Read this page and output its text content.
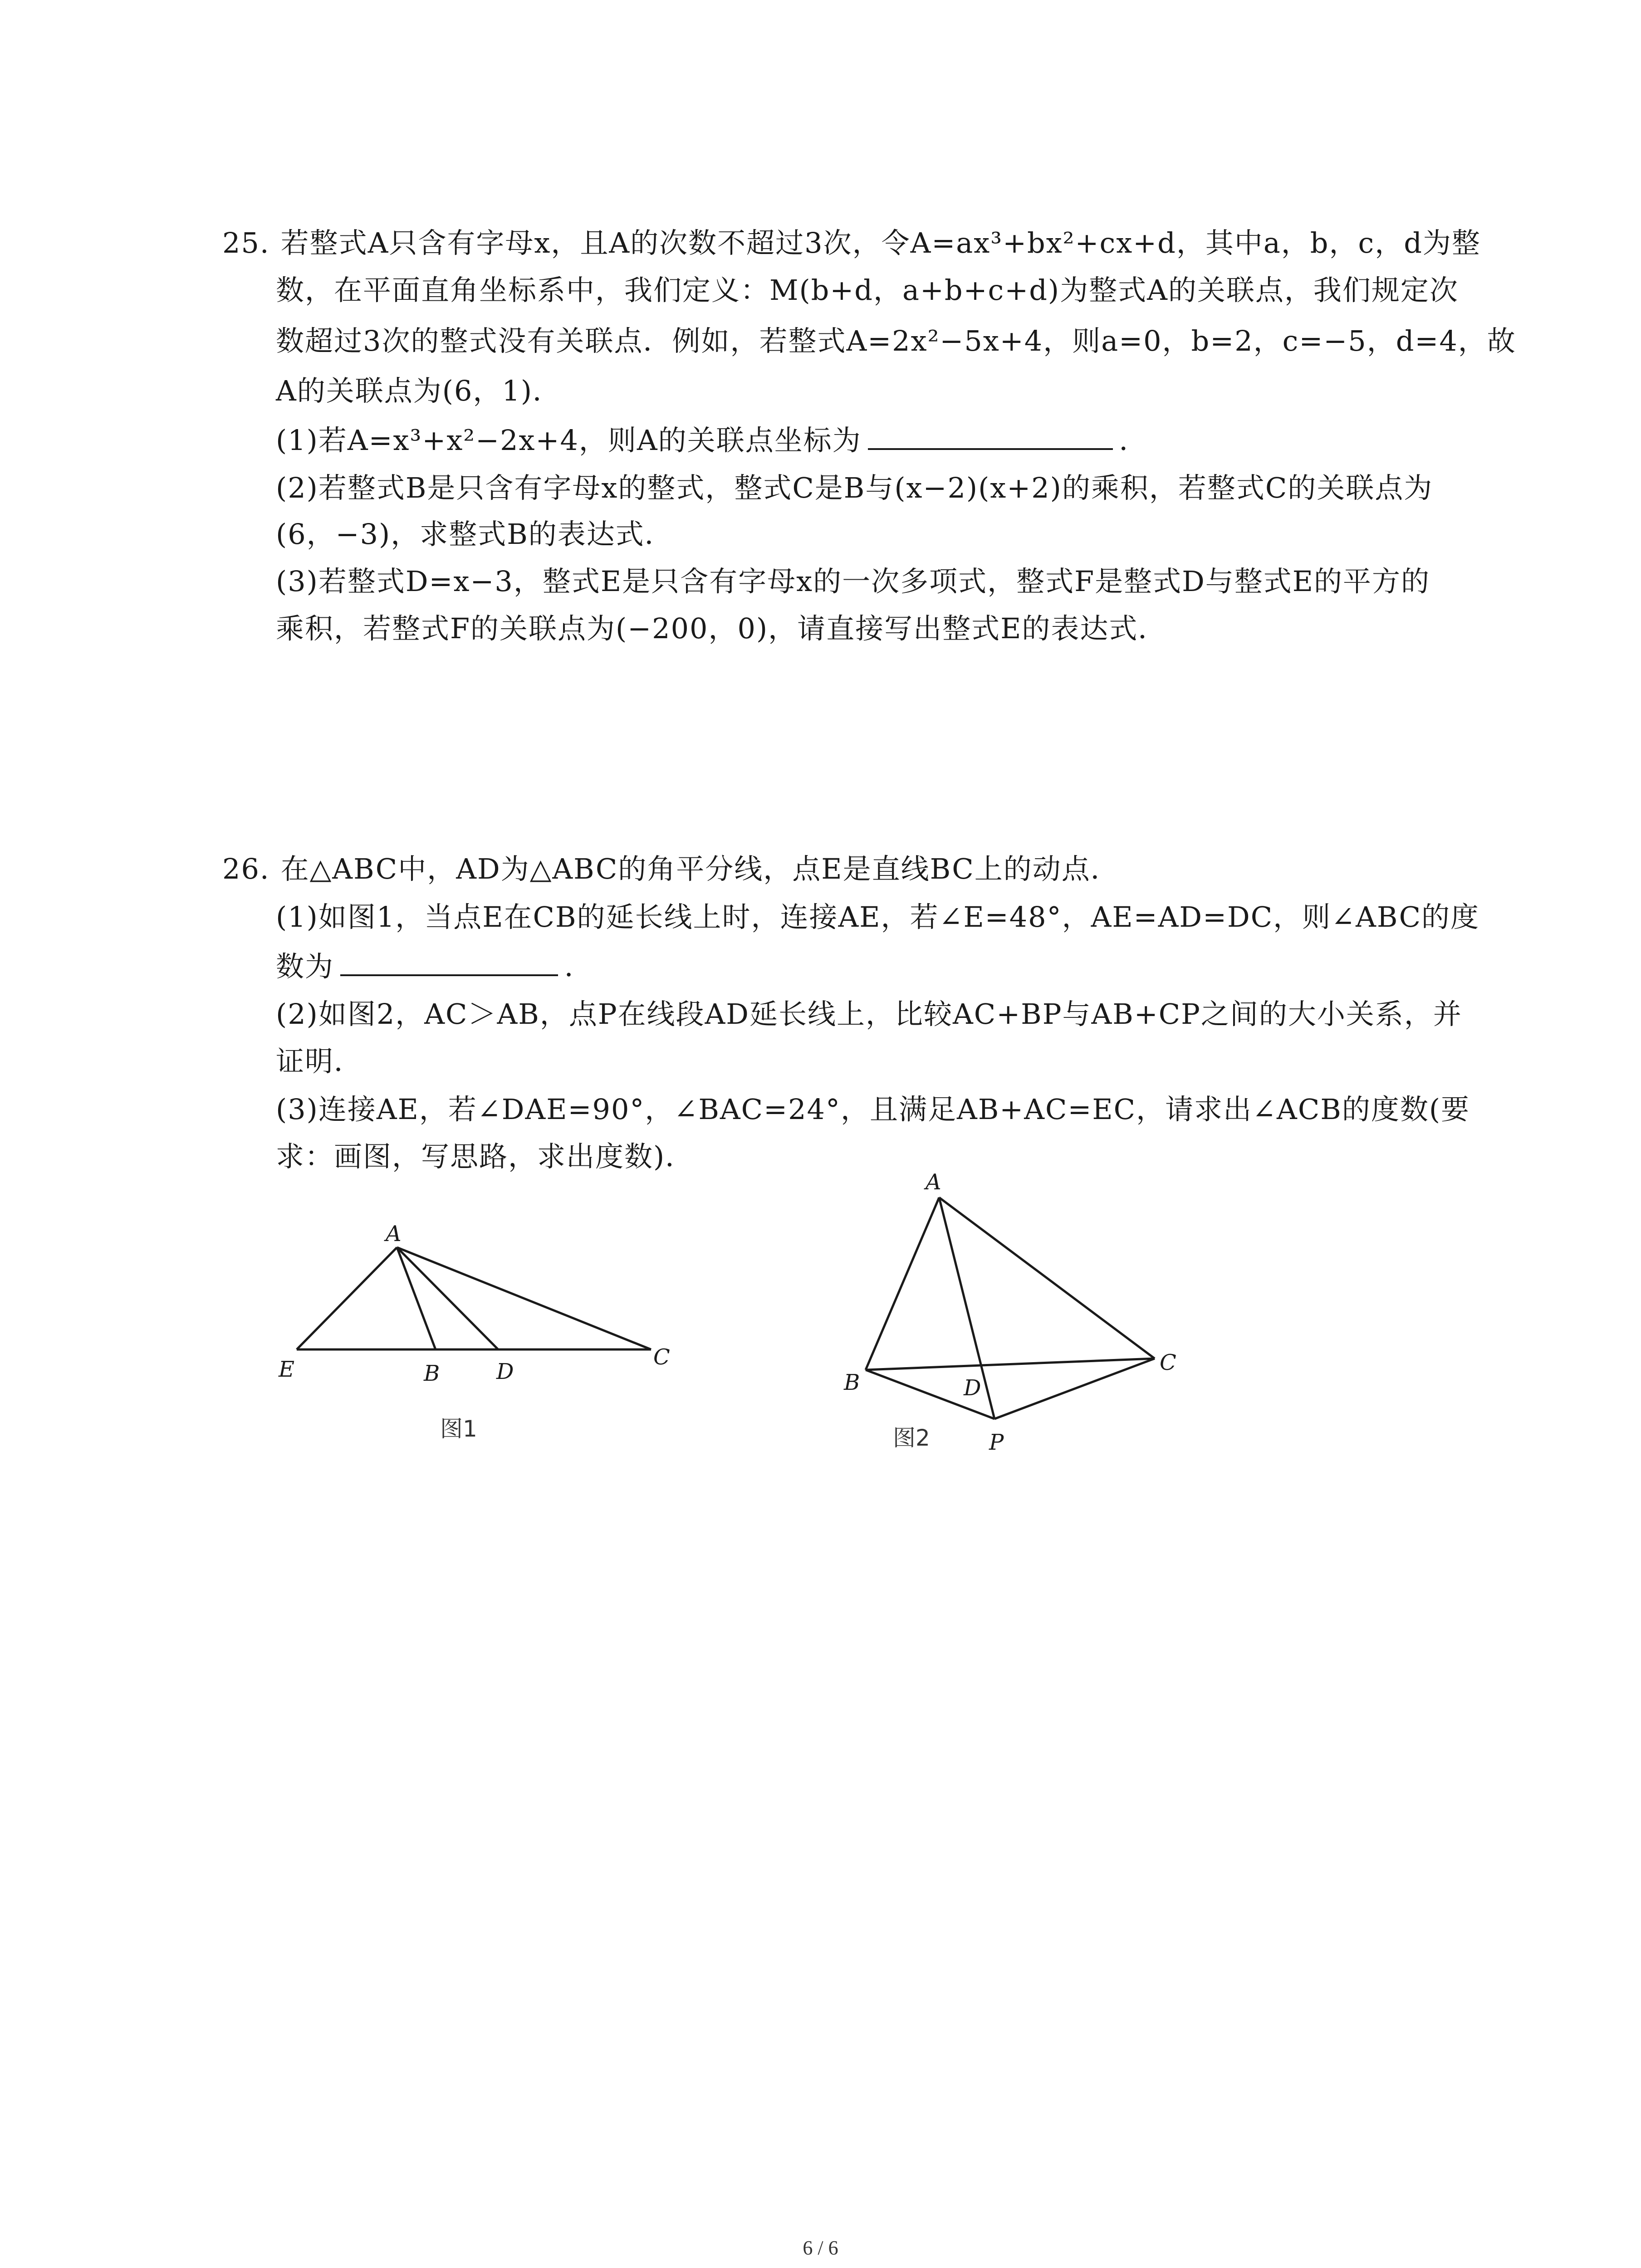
25. 若整式A只含有字母x，且A的次数不超过3次，令A=ax³+bx²+cx+d，其中a，b，c，d为整
数，在平面直角坐标系中，我们定义：M(b+d，a+b+c+d)为整式A的关联点，我们规定次
数超过3次的整式没有关联点．例如，若整式A=2x²−5x+4，则a=0，b=2，c=−5，d=4，故
A的关联点为(6，1)．
(1)若A=x³+x²−2x+4，则A的关联点坐标为	．
(2)若整式B是只含有字母x的整式，整式C是B与(x−2)(x+2)的乘积，若整式C的关联点为
(6，−3)，求整式B的表达式．
(3)若整式D=x−3，整式E是只含有字母x的一次多项式，整式F是整式D与整式E的平方的
乘积，若整式F的关联点为(−200，0)，请直接写出整式E的表达式．
26. 在△ABC中，AD为△ABC的角平分线，点E是直线BC上的动点．
(1)如图1，当点E在CB的延长线上时，连接AE，若∠E=48°，AE=AD=DC，则∠ABC的度
数为	．
(2)如图2，AC＞AB，点P在线段AD延长线上，比较AC+BP与AB+CP之间的大小关系，并
证明．
(3)连接AE，若∠DAE=90°，∠BAC=24°，且满足AB+AC=EC，请求出∠ACB的度数(要
求：画图，写思路，求出度数)．
A
E	B	D
C
图1
A
B
C
D
P
图2
6 / 6
